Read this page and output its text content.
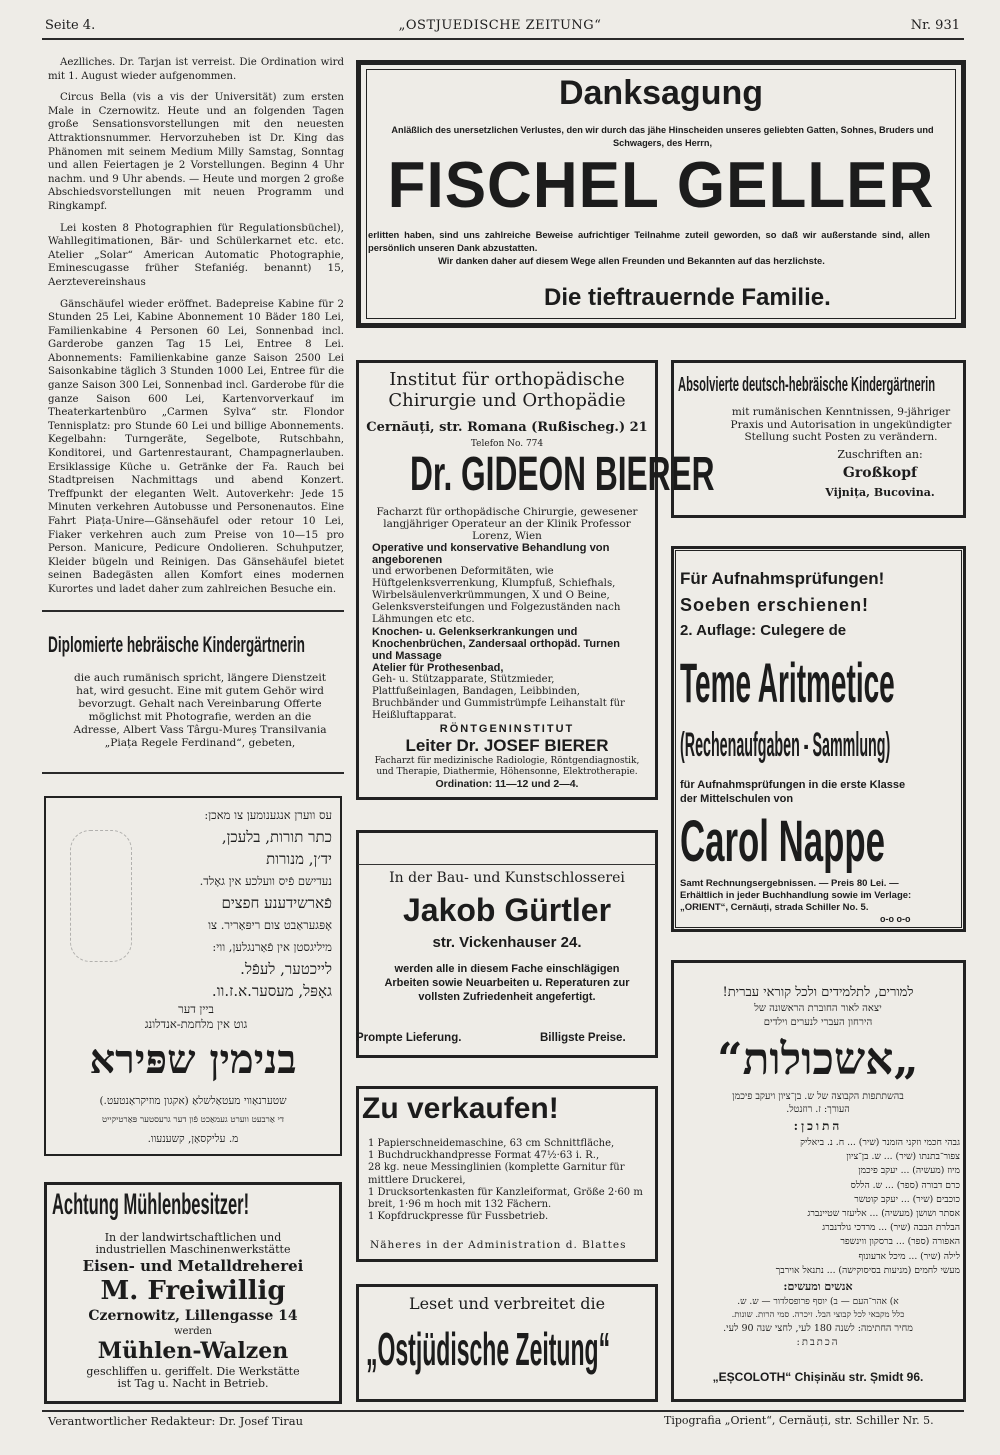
Seite 4.	„OSTJUEDISCHE ZEITUNG“	Nr. 931

Aezlliches. Dr. Tarjan ist verreist. Die Ordination wird mit 1. August wieder aufgenommen.

Circus Bella (vis a vis der Universität) zum ersten Male in Czernowitz. Heute und an folgenden Tagen große Sensationsvorstellungen mit den neuesten Attraktionsnummer. Hervorzuheben ist Dr. King das Phänomen mit seinem Medium Milly Samstag, Sonntag und allen Feiertagen je 2 Vorstellungen. Beginn 4 Uhr nachm. und 9 Uhr abends. — Heute und morgen 2 große Abschiedsvorstellungen mit neuen Programm und Ringkampf.

Lei kosten 8 Photographien für Regulationsbüchel), Wahllegitimationen, Bär- und Schülerkarnet etc. etc. Atelier „Solar“ American Automatic Photographie, Eminescugasse früher Stefaniég. benannt) 15, Aerztevereinshaus

Gänschäufel wieder eröffnet. Badepreise Kabine für 2 Stunden 25 Lei, Kabine Abonnement 10 Bäder 180 Lei, Familienkabine 4 Personen 60 Lei, Sonnenbad incl. Garderobe ganzen Tag 15 Lei, Entree 8 Lei. Abonnements: Familienkabine ganze Saison 2500 Lei Saisonkabine täglich 3 Stunden 1000 Lei, Entree für die ganze Saison 300 Lei, Sonnenbad incl. Garderobe für die ganze Saison 600 Lei, Kartenvorverkauf im Theaterkartenbüro „Carmen Sylva“ str. Flondor Tennisplatz: pro Stunde 60 Lei und billige Abonnements. Kegelbahn: Turngeräte, Segelbote, Rutschbahn, Konditorei, und Gartenrestaurant, Champagnerlauben. Ersiklassige Küche u. Getränke der Fa. Rauch bei Stadtpreisen Nachmittags und abend Konzert. Treffpunkt der eleganten Welt. Autoverkehr: Jede 15 Minuten verkehren Autobusse und Personenautos. Eine Fahrt Piața-Unire—Gänsehäufel oder retour 10 Lei, Fiaker verkehren auch zum Preise von 10—15 pro Person. Manicure, Pedicure Ondolieren. Schuhputzer, Kleider bügeln und Reinigen. Das Gänsehäufel bietet seinen Badegästen allen Komfort eines modernen Kurortes und ladet daher zum zahlreichen Besuche ein.

Diplomierte hebräische Kindergärtnerin
die auch rumänisch spricht, längere Dienstzeit hat, wird gesucht. Eine mit gutem Gehör wird bevorzugt. Gehalt nach Vereinbarung Offerte möglichst mit Photografie, werden an die Adresse, Albert Vass Târgu-Mureș Transilvania „Piața Regele Ferdinand“, gebeten,
עס ווערן אנגענומען צו מאכן:
כתר תורות, בלעכן,
יד׳ן, מנורות
נעדישם פֿיס וועלכע אין גאָלד.
פֿארשידענע חפצים
אָפּגעראַבט צום ריפּאַריר. צו
מיליגסטן אין פֿאַרנגלען, ווי:
לייכטער, לעפֿל.
גאָפּל, מעסער.א.ז.וו.
ביין דער
גוט אין מלחמת-אנדלונג
בנימין שפּירא
שטערנאַווי מעטאַלשלאַ (אקגון מוזיקראַנטעט.)
די אַרבעט ווערט געמאַכט פֿון דער גרעסטער פּאַרטיקייט
מ. עליקסאַן, קשענעוו.
Achtung Mühlenbesitzer!
In der landwirtschaftlichen und
industriellen Maschinenwerkstätte
Eisen- und Metalldreherei
M. Freiwillig
Czernowitz, Lillengasse 14
werden
Mühlen-Walzen
geschliffen u. geriffelt. Die Werkstätte ist Tag u. Nacht in Betrieb.
Danksagung
Anläßlich des unersetzlichen Verlustes, den wir durch das jähe Hinscheiden unseres geliebten Gatten, Sohnes, Bruders und Schwagers, des Herrn,
FISCHEL GELLER
erlitten haben, sind uns zahlreiche Beweise aufrichtiger Teilnahme zuteil geworden, so daß wir außerstande sind, allen persönlich unseren Dank abzustatten.
Wir danken daher auf diesem Wege allen Freunden und Bekannten auf das herzlichste.
Die tieftrauernde Familie.
Institut für orthopädische
Chirurgie und Orthopädie
Cernăuți, str. Romana (Rußischeg.) 21
Telefon No. 774
Dr. GIDEON BIERER
Facharzt für orthopädische Chirurgie, gewesener langjähriger Operateur an der Klinik Professor Lorenz, Wien
Operative und konservative Behandlung von angeborenen
und erworbenen Deformitäten, wie Hüftgelenksverrenkung, Klumpfuß, Schiefhals, Wirbelsäulenverkrümmungen, X und O Beine, Gelenksversteifungen und Folgezuständen nach Lähmungen etc etc.
Knochen- u. Gelenkserkrankungen und Knochenbrüchen, Zandersaal orthopäd. Turnen und Massage
Atelier für Prothesenbad,
Geh- u. Stützapparate, Stützmieder, Plattfußeinlagen, Bandagen, Leibbinden, Bruchbänder und Gummistrümpfe Leihanstalt für Heißluftapparat.
RÖNTGENINSTITUT
Leiter Dr. JOSEF BIERER
Facharzt für medizinische Radiologie, Röntgendiagnostik, und Therapie, Diathermie, Höhensonne, Elektrotherapie.
Ordination: 11—12 und 2—4.
Absolvierte deutsch-hebräische Kindergärtnerin
mit rumänischen Kenntnissen, 9-jähriger Praxis und Autorisation in ungekündigter Stellung sucht Posten zu verändern.
Zuschriften an:
Großkopf
Vijnița, Bucovina.
Für Aufnahmsprüfungen!
Soeben erschienen!
2. Auflage: Culegere de
Teme Aritmetice
(Rechenaufgaben - Sammlung)
für Aufnahmsprüfungen in die erste Klasse der Mittelschulen von
Carol Nappe
Samt Rechnungsergebnissen. — Preis 80 Lei. — Erhältlich in jeder Buchhandlung sowie im Verlage: „ORIENT“, Cernăuți, strada Schiller No. 5.
o-o o-o
In der Bau- und Kunstschlosserei
Jakob Gürtler
str. Vickenhauser 24.
werden alle in diesem Fache einschlägigen Arbeiten sowie Neuarbeiten u. Reperaturen zur vollsten Zufriedenheit angefertigt.
Prompte Lieferung.	Billigste Preise.
Zu verkaufen!
1 Papierschneidemaschine, 63 cm Schnittfläche,
1 Buchdruckhandpresse Format 47½·63 i. R.,
28 kg. neue Messinglinien (komplette Garnitur für mittlere Druckerei,
1 Drucksortenkasten für Kanzleiformat, Größe 2·60 m breit, 1·96 m hoch mit 132 Fächern.
1 Kopfdruckpresse für Fussbetrieb.
Näheres in der Administration d. Blattes
Leset und verbreitet die
„Ostjüdische Zeitung“
למורים, לתלמידים ולכל קוראי עברית!
יצאה לאור החוברת הראשונה של
הירחון העברי לנערים וילדים
„אשכולות“
בהשתתפות הקבוצה של ש. בן־ציון ויעקב פיכמן
העורך: ז. רוזנטל.
התוכן:
גבהי חכמי וזקני הזמנר (שיר) ... ח. נ. ביאליק
צפור־בתנתו (שיר) ... ש. בן־ציון
מיוז (מעשיה) ... יעקב פיכמן
כרם דבורה (ספר) ... ש. הללס
כוכבים (שיר) ... יעקב קוטשר
אסתר ושושן (מעשיה) ... אליעזר שטיינברג
הבלרת הבבה (שיר) ... מרדכי גולדנברג
האפורה (ספר) ... ברסקון ווינשפר
לילה (שיר) ... מיכל אדעונוף
מעשי לחמים (מניעות בסיסוקישה) ... נתנאל אוירבך
אנשים ומעשים:
א) אהר־העם — ב) יוסף פרופסלדור — ש. ש.
כלל מקבאי לכל קבוצי הבל. זיכרה. סמי הרות. שונות.
מחיר החתימה: לשנה 180 לעי, לחצי שנה 90 לעי.
הכתבת:
„EȘCOLOTH“ Chișinău str. Șmidt 96.
Verantwortlicher Redakteur: Dr. Josef Tirau	Tipografia „Orient“, Cernăuți, str. Schiller Nr. 5.
